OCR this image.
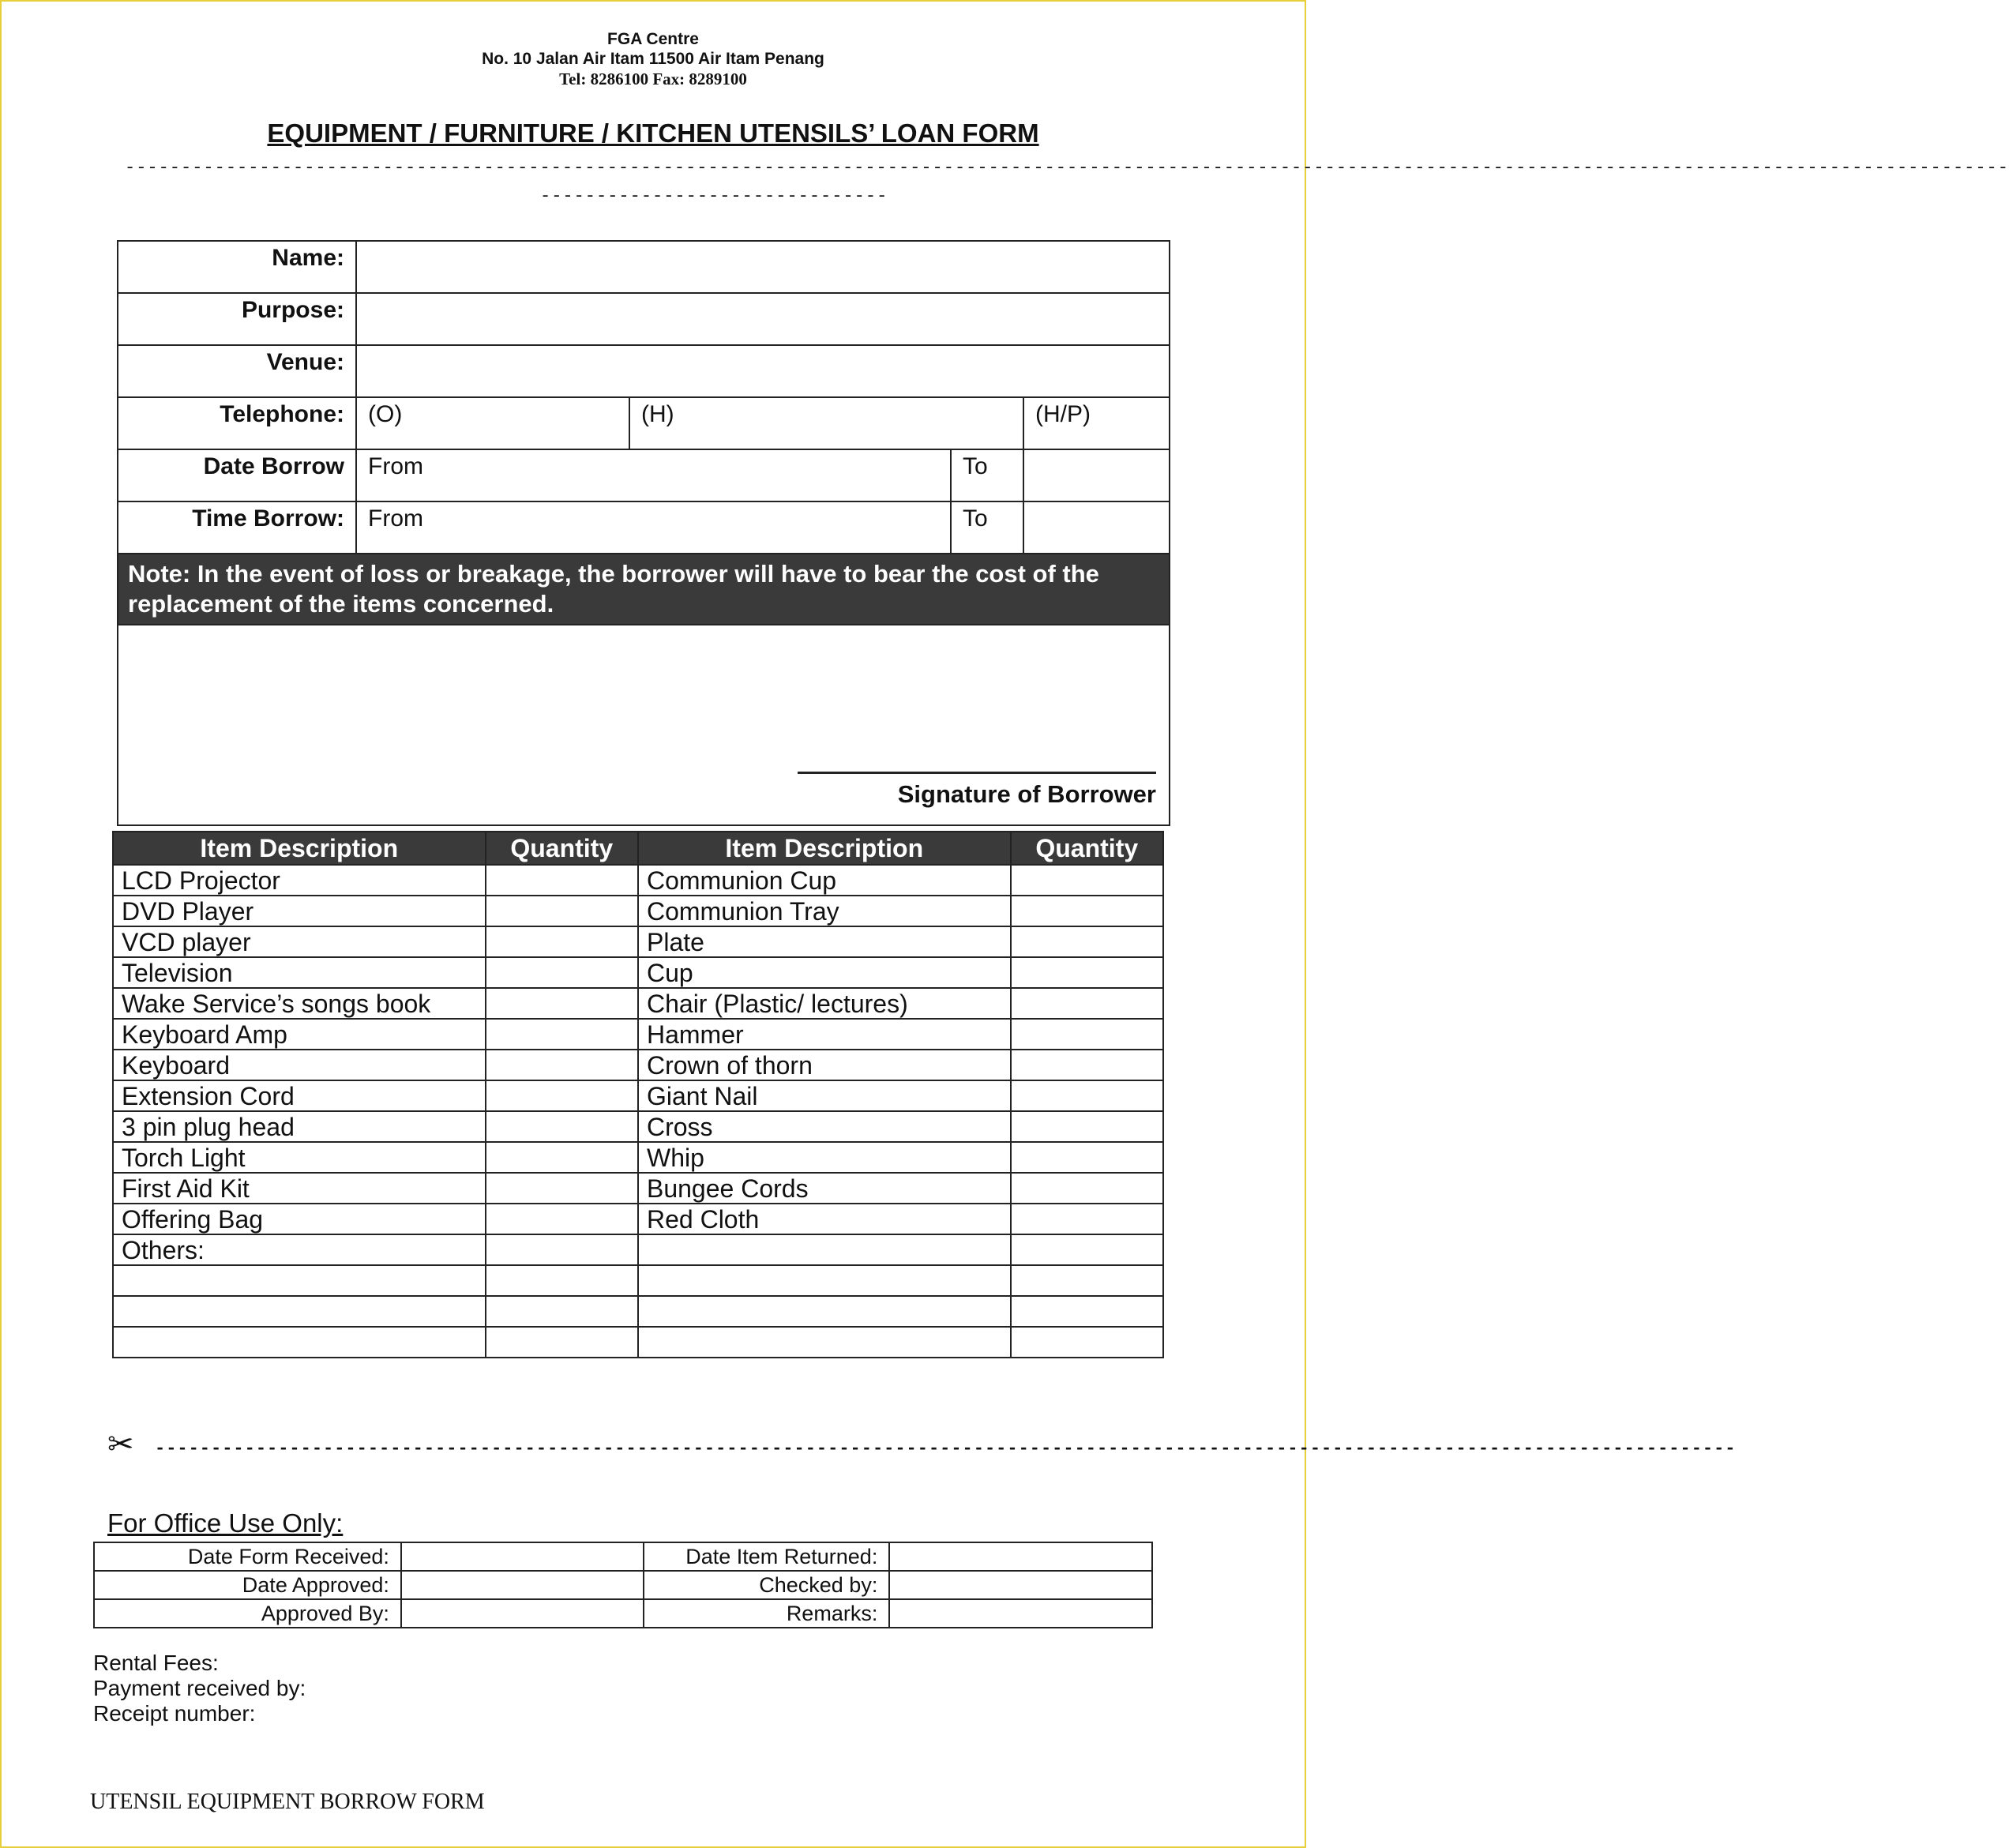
FGA Centre
No. 10 Jalan Air Itam 11500 Air Itam Penang
Tel: 8286100 Fax: 8289100
EQUIPMENT / FURNITURE / KITCHEN UTENSILS’ LOAN FORM
------------------------------------------------------------------------------------------------------------------------------------------------------------------------
-------------------------------
Name:				
Purpose:				
Venue:				
Telephone:	(O)	(H)		(H/P)
Date Borrow	From		To	
Time Borrow:	From		To	
Note: In the event of loss or breakage, the borrower will have to bear the cost of the replacement of the items concerned.				

Signature of Borrower				
Item Description	Quantity	Item Description	Quantity
LCD Projector		Communion Cup	
DVD Player		Communion Tray	
VCD player		Plate	
Television		Cup	
Wake Service’s songs book		Chair (Plastic/ lectures)	
Keyboard Amp		Hammer	
Keyboard		Crown of thorn	
Extension Cord		Giant Nail	
3 pin plug head		Cross	
Torch Light		Whip	
First Aid Kit		Bungee Cords	
Offering Bag		Red Cloth	
Others:			

✂ ---------------------------------------------------------------------------------------------------------------------------------------------
For Office Use Only:
Date Form Received:		Date Item Returned:	
Date Approved:		Checked by:	
Approved By:		Remarks:	
Rental Fees:
Payment received by:
Receipt number:
UTENSIL EQUIPMENT BORROW FORM
